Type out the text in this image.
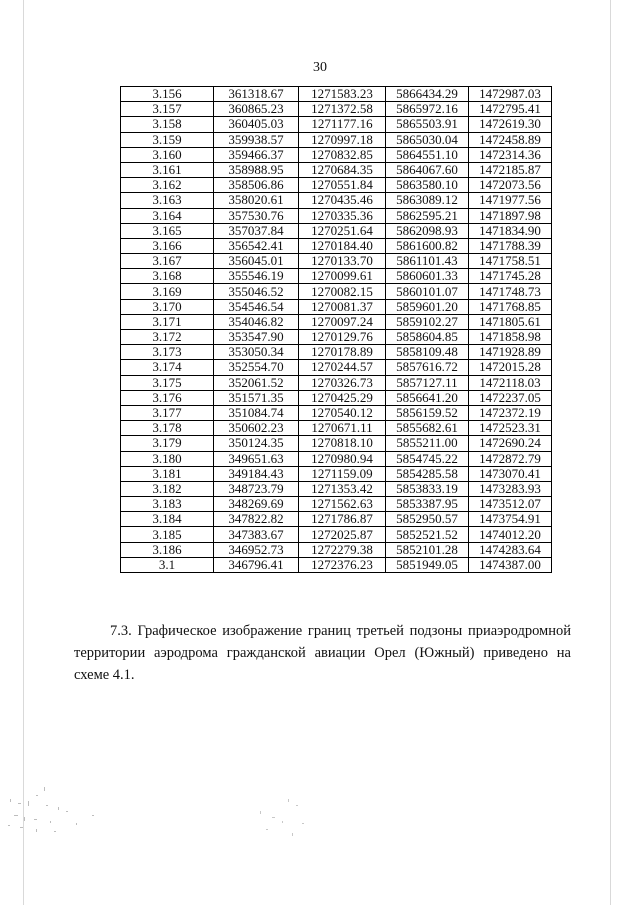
30
3.156	361318.67	1271583.23	5866434.29	1472987.03
3.157	360865.23	1271372.58	5865972.16	1472795.41
3.158	360405.03	1271177.16	5865503.91	1472619.30
3.159	359938.57	1270997.18	5865030.04	1472458.89
3.160	359466.37	1270832.85	5864551.10	1472314.36
3.161	358988.95	1270684.35	5864067.60	1472185.87
3.162	358506.86	1270551.84	5863580.10	1472073.56
3.163	358020.61	1270435.46	5863089.12	1471977.56
3.164	357530.76	1270335.36	5862595.21	1471897.98
3.165	357037.84	1270251.64	5862098.93	1471834.90
3.166	356542.41	1270184.40	5861600.82	1471788.39
3.167	356045.01	1270133.70	5861101.43	1471758.51
3.168	355546.19	1270099.61	5860601.33	1471745.28
3.169	355046.52	1270082.15	5860101.07	1471748.73
3.170	354546.54	1270081.37	5859601.20	1471768.85
3.171	354046.82	1270097.24	5859102.27	1471805.61
3.172	353547.90	1270129.76	5858604.85	1471858.98
3.173	353050.34	1270178.89	5858109.48	1471928.89
3.174	352554.70	1270244.57	5857616.72	1472015.28
3.175	352061.52	1270326.73	5857127.11	1472118.03
3.176	351571.35	1270425.29	5856641.20	1472237.05
3.177	351084.74	1270540.12	5856159.52	1472372.19
3.178	350602.23	1270671.11	5855682.61	1472523.31
3.179	350124.35	1270818.10	5855211.00	1472690.24
3.180	349651.63	1270980.94	5854745.22	1472872.79
3.181	349184.43	1271159.09	5854285.58	1473070.41
3.182	348723.79	1271353.42	5853833.19	1473283.93
3.183	348269.69	1271562.63	5853387.95	1473512.07
3.184	347822.82	1271786.87	5852950.57	1473754.91
3.185	347383.67	1272025.87	5852521.52	1474012.20
3.186	346952.73	1272279.38	5852101.28	1474283.64
3.1	346796.41	1272376.23	5851949.05	1474387.00
7.3. Графическое изображение границ третьей подзоны приаэродромной
территории аэродрома гражданской авиации Орел (Южный) приведено на схеме 4.1.
